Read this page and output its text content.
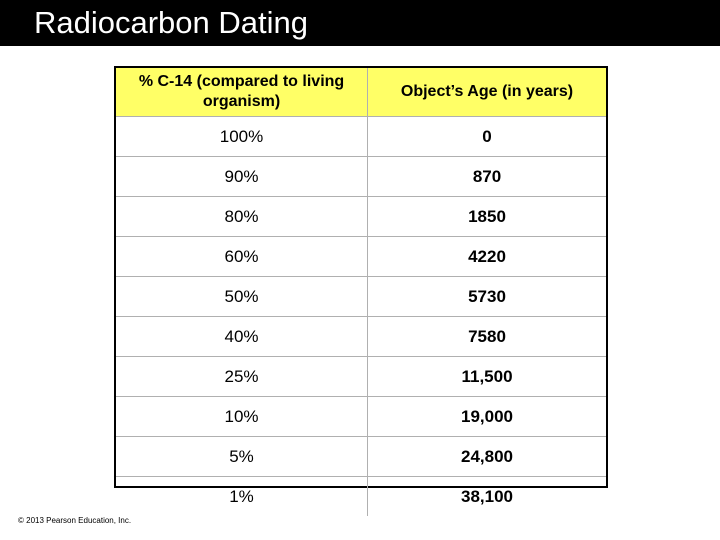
Radiocarbon Dating
% C-14 (compared to living organism)	Object’s Age (in years)
100%	0
90%	870
80%	1850
60%	4220
50%	5730
40%	7580
25%	11,500
10%	19,000
5%	24,800
1%	38,100
© 2013 Pearson Education, Inc.
